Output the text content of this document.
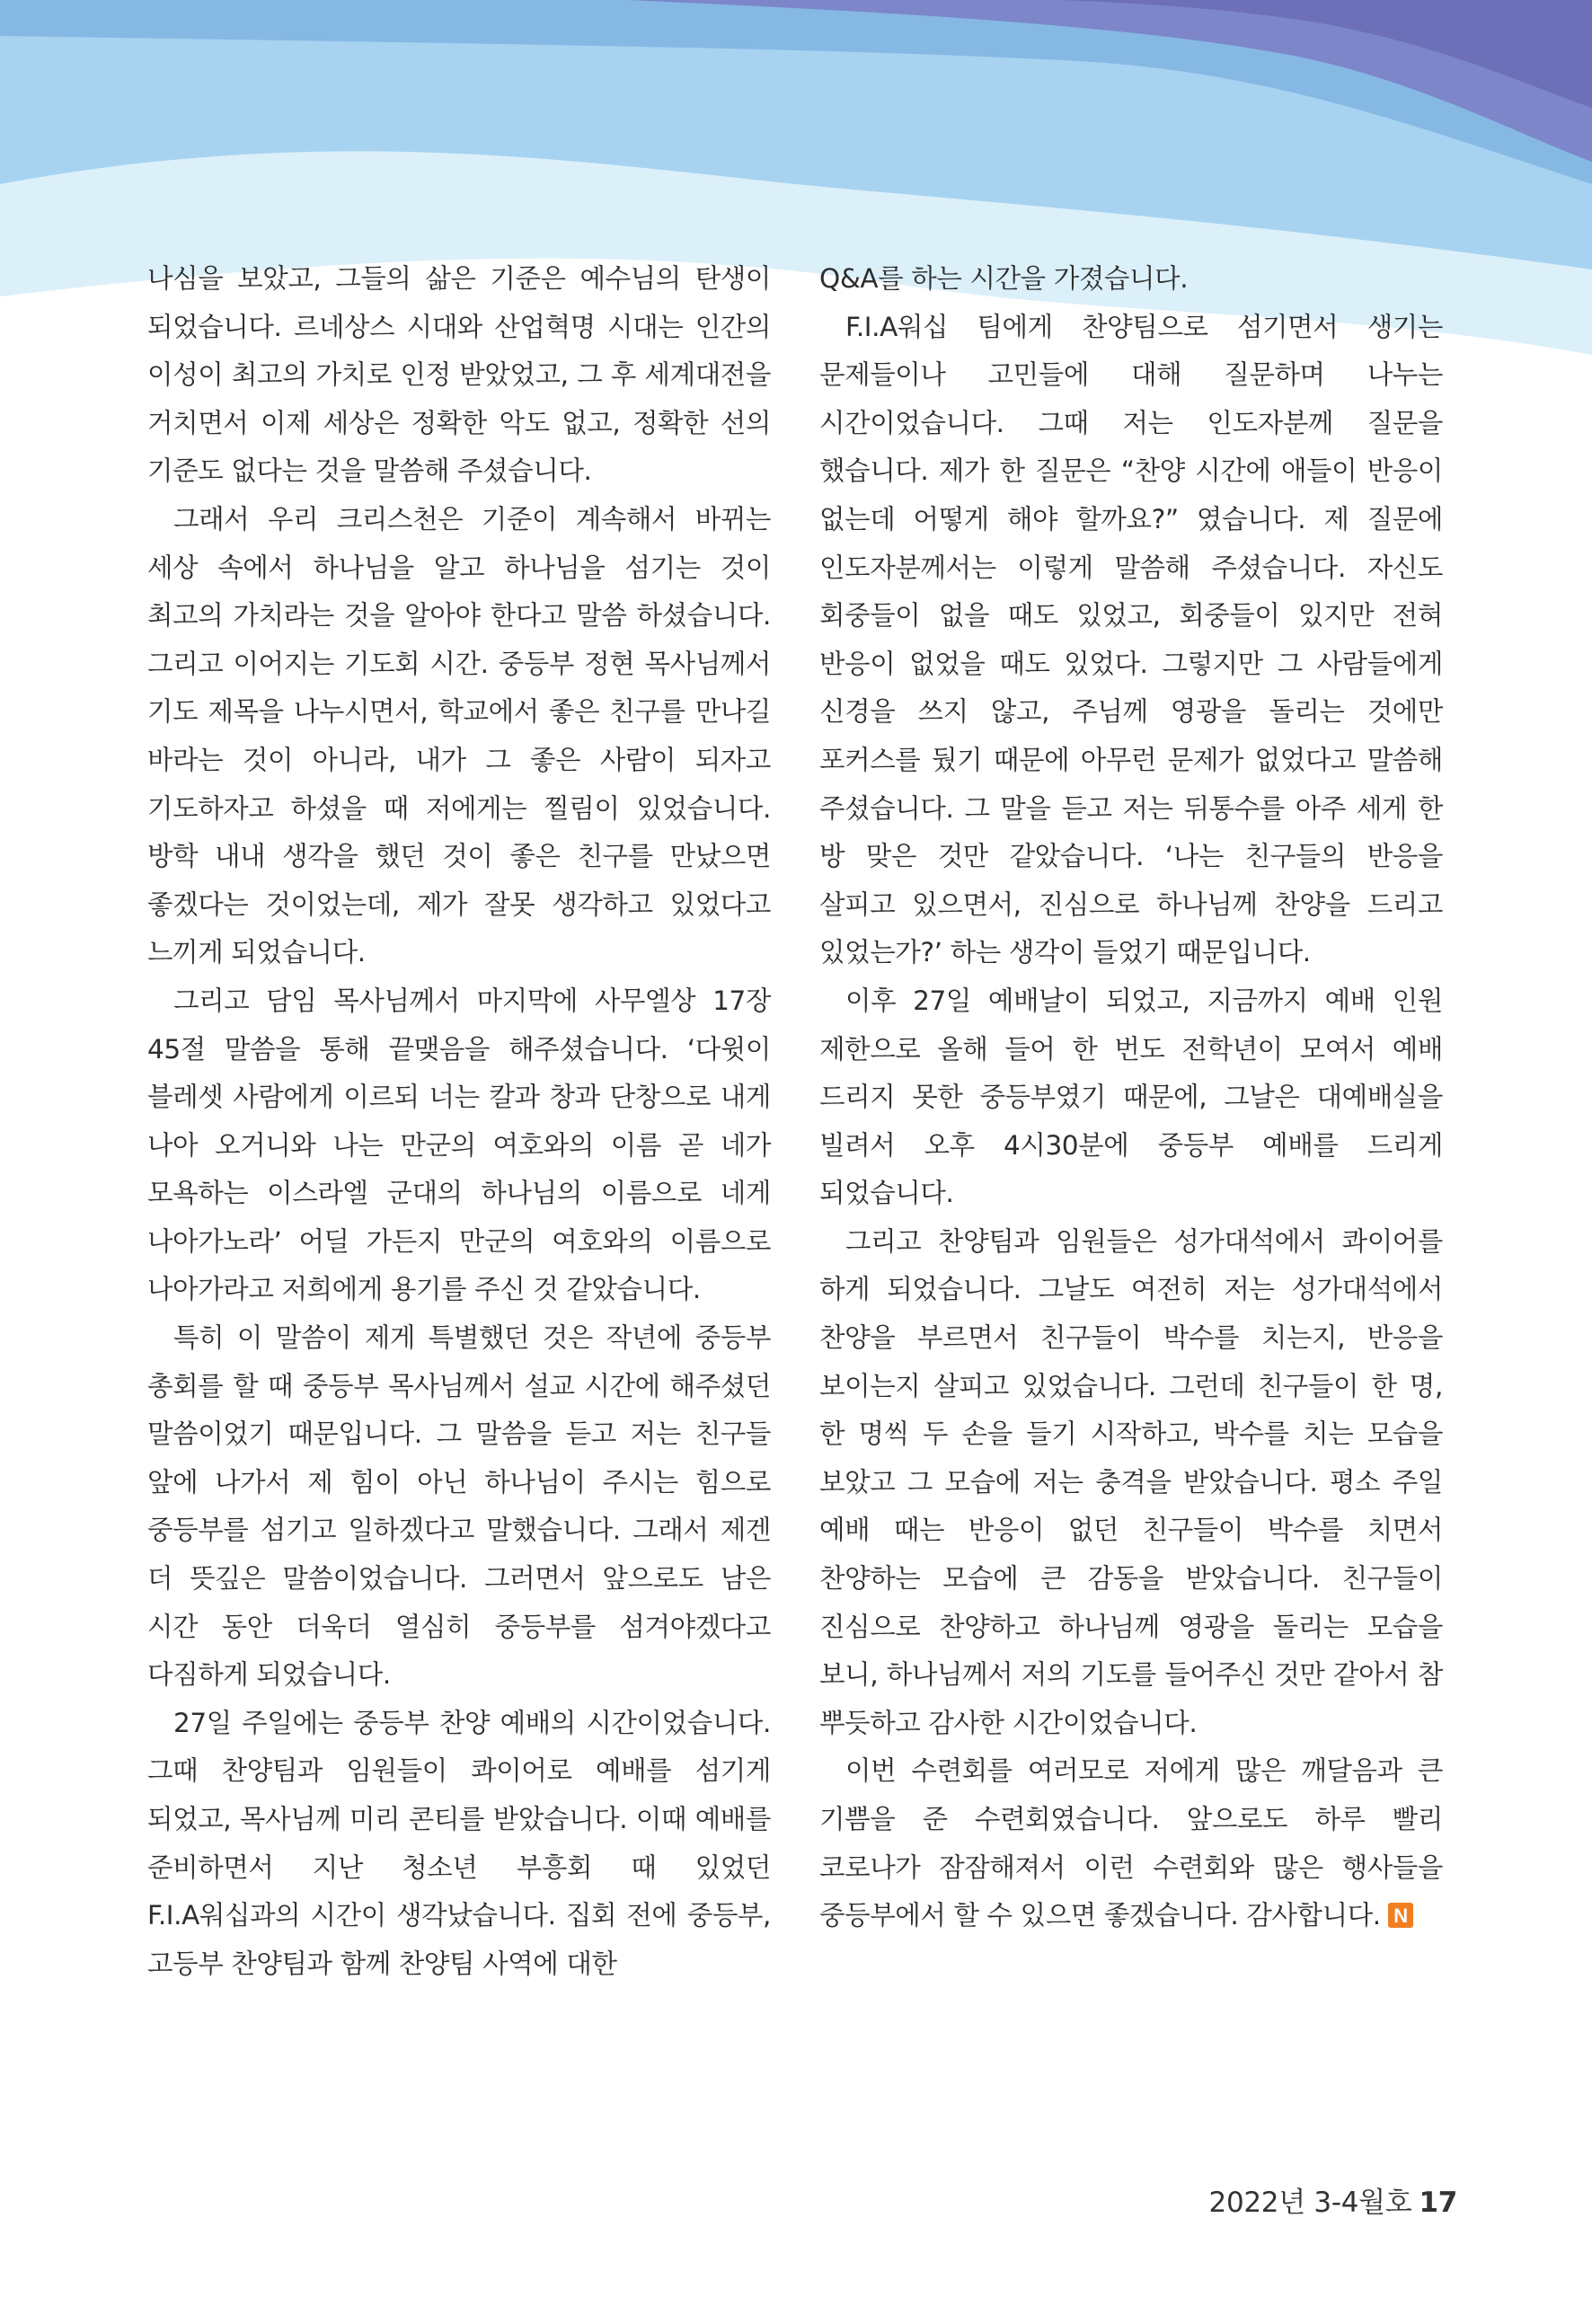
나심을 보았고, 그들의 삶은 기준은 예수님의 탄생이 되었습니다. 르네상스 시대와 산업혁명 시대는 인간의 이성이 최고의 가치로 인정 받았었고, 그 후 세계대전을 거치면서 이제 세상은 정확한 악도 없고, 정확한 선의 기준도 없다는 것을 말씀해 주셨습니다.

그래서 우리 크리스천은 기준이 계속해서 바뀌는 세상 속에서 하나님을 알고 하나님을 섬기는 것이 최고의 가치라는 것을 알아야 한다고 말씀 하셨습니다. 그리고 이어지는 기도회 시간. 중등부 정현 목사님께서 기도 제목을 나누시면서, 학교에서 좋은 친구를 만나길 바라는 것이 아니라, 내가 그 좋은 사람이 되자고 기도하자고 하셨을 때 저에게는 찔림이 있었습니다. 방학 내내 생각을 했던 것이 좋은 친구를 만났으면 좋겠다는 것이었는데, 제가 잘못 생각하고 있었다고 느끼게 되었습니다.

그리고 담임 목사님께서 마지막에 사무엘상 17장 45절 말씀을 통해 끝맺음을 해주셨습니다. ‘다윗이 블레셋 사람에게 이르되 너는 칼과 창과 단창으로 내게 나아 오거니와 나는 만군의 여호와의 이름 곧 네가 모욕하는 이스라엘 군대의 하나님의 이름으로 네게 나아가노라’ 어딜 가든지 만군의 여호와의 이름으로 나아가라고 저희에게 용기를 주신 것 같았습니다.

특히 이 말씀이 제게 특별했던 것은 작년에 중등부 총회를 할 때 중등부 목사님께서 설교 시간에 해주셨던 말씀이었기 때문입니다. 그 말씀을 듣고 저는 친구들 앞에 나가서 제 힘이 아닌 하나님이 주시는 힘으로 중등부를 섬기고 일하겠다고 말했습니다. 그래서 제겐 더 뜻깊은 말씀이었습니다. 그러면서 앞으로도 남은 시간 동안 더욱더 열심히 중등부를 섬겨야겠다고 다짐하게 되었습니다.

27일 주일에는 중등부 찬양 예배의 시간이었습니다. 그때 찬양팀과 임원들이 콰이어로 예배를 섬기게 되었고, 목사님께 미리 콘티를 받았습니다. 이때 예배를 준비하면서 지난 청소년 부흥회 때 있었던 F.I.A워십과의 시간이 생각났습니다. 집회 전에 중등부, 고등부 찬양팀과 함께 찬양팀 사역에 대한

Q&A를 하는 시간을 가졌습니다.

F.I.A워십 팀에게 찬양팀으로 섬기면서 생기는 문제들이나 고민들에 대해 질문하며 나누는 시간이었습니다. 그때 저는 인도자분께 질문을 했습니다. 제가 한 질문은 “찬양 시간에 애들이 반응이 없는데 어떻게 해야 할까요?” 였습니다. 제 질문에 인도자분께서는 이렇게 말씀해 주셨습니다. 자신도 회중들이 없을 때도 있었고, 회중들이 있지만 전혀 반응이 없었을 때도 있었다. 그렇지만 그 사람들에게 신경을 쓰지 않고, 주님께 영광을 돌리는 것에만 포커스를 뒀기 때문에 아무런 문제가 없었다고 말씀해 주셨습니다. 그 말을 듣고 저는 뒤통수를 아주 세게 한 방 맞은 것만 같았습니다. ‘나는 친구들의 반응을 살피고 있으면서, 진심으로 하나님께 찬양을 드리고 있었는가?’ 하는 생각이 들었기 때문입니다.

이후 27일 예배날이 되었고, 지금까지 예배 인원 제한으로 올해 들어 한 번도 전학년이 모여서 예배 드리지 못한 중등부였기 때문에, 그날은 대예배실을 빌려서 오후 4시30분에 중등부 예배를 드리게 되었습니다.

그리고 찬양팀과 임원들은 성가대석에서 콰이어를 하게 되었습니다. 그날도 여전히 저는 성가대석에서 찬양을 부르면서 친구들이 박수를 치는지, 반응을 보이는지 살피고 있었습니다. 그런데 친구들이 한 명, 한 명씩 두 손을 들기 시작하고, 박수를 치는 모습을 보았고 그 모습에 저는 충격을 받았습니다. 평소 주일 예배 때는 반응이 없던 친구들이 박수를 치면서 찬양하는 모습에 큰 감동을 받았습니다. 친구들이 진심으로 찬양하고 하나님께 영광을 돌리는 모습을 보니, 하나님께서 저의 기도를 들어주신 것만 같아서 참 뿌듯하고 감사한 시간이었습니다.

이번 수련회를 여러모로 저에게 많은 깨달음과 큰 기쁨을 준 수련회였습니다. 앞으로도 하루 빨리 코로나가 잠잠해져서 이런 수련회와 많은 행사들을 중등부에서 할 수 있으면 좋겠습니다. 감사합니다. N

2022년 3-4월호 17
